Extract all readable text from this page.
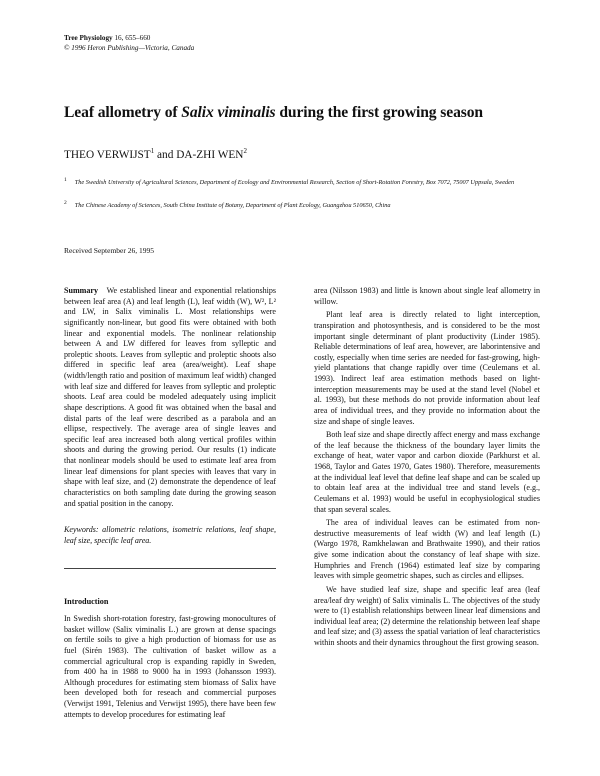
Tree Physiology 16, 655–660
© 1996 Heron Publishing—Victoria, Canada
Leaf allometry of Salix viminalis during the first growing season
THEO VERWIJST$^1$ and DA-ZHI WEN$^2$
$^1$ The Swedish University of Agricultural Sciences, Department of Ecology and Environmental Research, Section of Short-Rotation Forestry, Box 7072, 75007 Uppsala, Sweden
$^2$ The Chinese Academy of Sciences, South China Institute of Botany, Department of Plant Ecology, Guangzhou 510650, China
Received September 26, 1995

Summary We established linear and exponential relationships between leaf area (A) and leaf length (L), leaf width (W), W², L² and LW, in Salix viminalis L. Most relationships were significantly non-linear, but good fits were obtained with both linear and exponential models. The nonlinear relationship between A and LW differed for leaves from sylleptic and proleptic shoots. Leaves from sylleptic and proleptic shoots also differed in specific leaf area (area/weight). Leaf shape (width/length ratio and position of maximum leaf width) changed with leaf size and differed for leaves from sylleptic and proleptic shoots. Leaf area could be modeled adequately using implicit shape descriptions. A good fit was obtained when the basal and distal parts of the leaf were described as a parabola and an ellipse, respectively. The average area of single leaves and specific leaf area increased both along vertical profiles within shoots and during the growing period. Our results (1) indicate that nonlinear models should be used to estimate leaf area from linear leaf dimensions for plant species with leaves that vary in shape with leaf size, and (2) demonstrate the dependence of leaf characteristics on both sampling date during the growing season and spatial position in the canopy.

Keywords: allometric relations, isometric relations, leaf shape, leaf size, specific leaf area.

Introduction

In Swedish short-rotation forestry, fast-growing monocultures of basket willow (Salix viminalis L.) are grown at dense spacings on fertile soils to give a high production of biomass for use as fuel (Sirén 1983). The cultivation of basket willow as a commercial agricultural crop is expanding rapidly in Sweden, from 400 ha in 1988 to 9000 ha in 1993 (Johansson 1993). Although procedures for estimating stem biomass of Salix have been developed both for reseach and commercial purposes (Verwijst 1991, Telenius and Verwijst 1995), there have been few attempts to develop procedures for estimating leaf

area (Nilsson 1983) and little is known about single leaf allometry in willow.

Plant leaf area is directly related to light interception, transpiration and photosynthesis, and is considered to be the most important single determinant of plant productivity (Linder 1985). Reliable determinations of leaf area, however, are laborintensive and costly, especially when time series are needed for fast-growing, high-yield plantations that change rapidly over time (Ceulemans et al. 1993). Indirect leaf area estimation methods based on light-interception measurements may be used at the stand level (Nobel et al. 1993), but these methods do not provide information about leaf area of individual trees, and they provide no information about the size and shape of single leaves.

Both leaf size and shape directly affect energy and mass exchange of the leaf because the thickness of the boundary layer limits the exchange of heat, water vapor and carbon dioxide (Parkhurst et al. 1968, Taylor and Gates 1970, Gates 1980). Therefore, measurements at the individual leaf level that define leaf shape and can be scaled up to obtain leaf area at the individual tree and stand levels (e.g., Ceulemans et al. 1993) would be useful in ecophysiological studies that span several scales.

The area of individual leaves can be estimated from non-destructive measurements of leaf width (W) and leaf length (L) (Wargo 1978, Ramkhelawan and Brathwaite 1990), and their ratios give some indication about the constancy of leaf shape with size. Humphries and French (1964) estimated leaf size by comparing leaves with simple geometric shapes, such as circles and ellipses.

We have studied leaf size, shape and specific leaf area (leaf area/leaf dry weight) of Salix viminalis L. The objectives of the study were to (1) establish relationships between linear leaf dimensions and individual leaf area; (2) determine the relationship between leaf shape and leaf size; and (3) assess the spatial variation of leaf characteristics within shoots and their dynamics throughout the first growing season.
